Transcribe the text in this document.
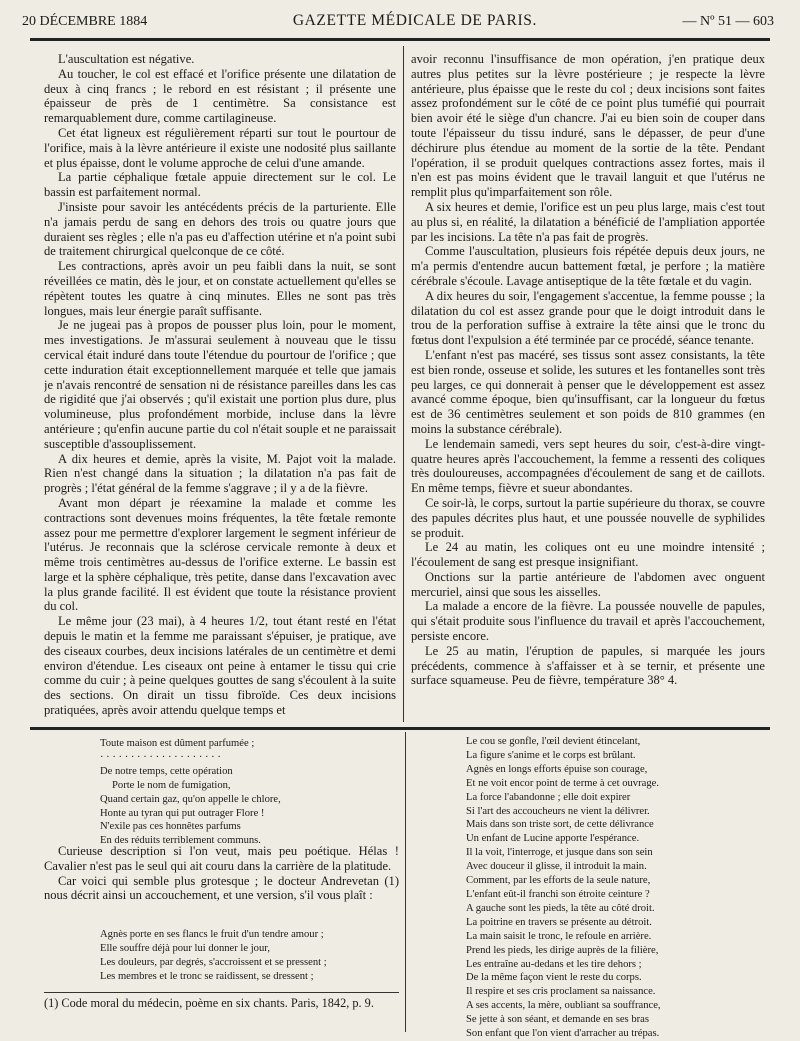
20 DÉCEMBRE 1884	GAZETTE MÉDICALE DE PARIS.	— Nº 51 — 603

L'auscultation est négative.

Au toucher, le col est effacé et l'orifice présente une dilatation de deux à cinq francs ; le rebord en est résistant ; il présente une épaisseur de près de 1 centimètre. Sa consistance est remarquablement dure, comme cartilagineuse.

Cet état ligneux est régulièrement réparti sur tout le pourtour de l'orifice, mais à la lèvre antérieure il existe une nodosité plus saillante et plus épaisse, dont le volume approche de celui d'une amande.

La partie céphalique fœtale appuie directement sur le col. Le bassin est parfaitement normal.

J'insiste pour savoir les antécédents précis de la parturiente. Elle n'a jamais perdu de sang en dehors des trois ou quatre jours que duraient ses règles ; elle n'a pas eu d'affection utérine et n'a point subi de traitement chirurgical quelconque de ce côté.

Les contractions, après avoir un peu faibli dans la nuit, se sont réveillées ce matin, dès le jour, et on constate actuellement qu'elles se répètent toutes les quatre à cinq minutes. Elles ne sont pas très longues, mais leur énergie paraît suffisante.

Je ne jugeai pas à propos de pousser plus loin, pour le moment, mes investigations. Je m'assurai seulement à nouveau que le tissu cervical était induré dans toute l'étendue du pourtour de l'orifice ; que cette induration était exceptionnellement marquée et telle que jamais je n'avais rencontré de sensation ni de résistance pareilles dans les cas de rigidité que j'ai observés ; qu'il existait une portion plus dure, plus volumineuse, plus profondément morbide, incluse dans la lèvre antérieure ; qu'enfin aucune partie du col n'était souple et ne paraissait susceptible d'assouplissement.

A dix heures et demie, après la visite, M. Pajot voit la malade. Rien n'est changé dans la situation ; la dilatation n'a pas fait de progrès ; l'état général de la femme s'aggrave ; il y a de la fièvre.

Avant mon départ je réexamine la malade et comme les contractions sont devenues moins fréquentes, la tête fœtale remonte assez pour me permettre d'explorer largement le segment inférieur de l'utérus. Je reconnais que la sclérose cervicale remonte à deux et même trois centimètres au-dessus de l'orifice externe. Le bassin est large et la sphère céphalique, très petite, danse dans l'excavation avec la plus grande facilité. Il est évident que toute la résistance provient du col.

Le même jour (23 mai), à 4 heures 1/2, tout étant resté en l'état depuis le matin et la femme me paraissant s'épuiser, je pratique, ave des ciseaux courbes, deux incisions latérales de un centimètre et demi environ d'étendue. Les ciseaux ont peine à entamer le tissu qui crie comme du cuir ; à peine quelques gouttes de sang s'écoulent à la suite des sections. On dirait un tissu fibroïde. Ces deux incisions pratiquées, après avoir attendu quelque temps et

avoir reconnu l'insuffisance de mon opération, j'en pratique deux autres plus petites sur la lèvre postérieure ; je respecte la lèvre antérieure, plus épaisse que le reste du col ; deux incisions sont faites assez profondément sur le côté de ce point plus tuméfié qui pourrait bien avoir été le siège d'un chancre. J'ai eu bien soin de couper dans toute l'épaisseur du tissu induré, sans le dépasser, de peur d'une déchirure plus étendue au moment de la sortie de la tête. Pendant l'opération, il se produit quelques contractions assez fortes, mais il n'en est pas moins évident que le travail languit et que l'utérus ne remplit plus qu'imparfaitement son rôle.

A six heures et demie, l'orifice est un peu plus large, mais c'est tout au plus si, en réalité, la dilatation a bénéficié de l'ampliation apportée par les incisions. La tête n'a pas fait de progrès.

Comme l'auscultation, plusieurs fois répétée depuis deux jours, ne m'a permis d'entendre aucun battement fœtal, je perfore ; la matière cérébrale s'écoule. Lavage antiseptique de la tête fœtale et du vagin.

A dix heures du soir, l'engagement s'accentue, la femme pousse ; la dilatation du col est assez grande pour que le doigt introduit dans le trou de la perforation suffise à extraire la tête ainsi que le tronc du fœtus dont l'expulsion a été terminée par ce procédé, séance tenante.

L'enfant n'est pas macéré, ses tissus sont assez consistants, la tête est bien ronde, osseuse et solide, les sutures et les fontanelles sont très peu larges, ce qui donnerait à penser que le développement est assez avancé comme époque, bien qu'insuffisant, car la longueur du fœtus est de 36 centimètres seulement et son poids de 810 grammes (en moins la substance cérébrale).

Le lendemain samedi, vers sept heures du soir, c'est-à-dire vingt-quatre heures après l'accouchement, la femme a ressenti des coliques très douloureuses, accompagnées d'écoulement de sang et de caillots. En même temps, fièvre et sueur abondantes.

Ce soir-là, le corps, surtout la partie supérieure du thorax, se couvre des papules décrites plus haut, et une poussée nouvelle de syphilides se produit.

Le 24 au matin, les coliques ont eu une moindre intensité ; l'écoulement de sang est presque insignifiant.

Onctions sur la partie antérieure de l'abdomen avec onguent mercuriel, ainsi que sous les aisselles.

La malade a encore de la fièvre. La poussée nouvelle de papules, qui s'était produite sous l'influence du travail et après l'accouchement, persiste encore.

Le 25 au matin, l'éruption de papules, si marquée les jours précédents, commence à s'affaisser et à se ternir, et présente une surface squameuse. Peu de fièvre, température 38° 4.

Toute maison est dûment parfumée ;
· · · · · · · · · · · · · · · · · · · ·
De notre temps, cette opération
Porte le nom de fumigation,
Quand certain gaz, qu'on appelle le chlore,
Honte au tyran qui put outrager Flore !
N'exile pas ces honnêtes parfums
En des réduits terriblement communs.

Curieuse description si l'on veut, mais peu poétique. Hélas ! Cavalier n'est pas le seul qui ait couru dans la carrière de la platitude.

Car voici qui semble plus grotesque ; le docteur Andrevetan (1) nous décrit ainsi un accouchement, et une version, s'il vous plaît :

Agnès porte en ses flancs le fruit d'un tendre amour ;
Elle souffre déjà pour lui donner le jour,
Les douleurs, par degrés, s'accroissent et se pressent ;
Les membres et le tronc se raidissent, se dressent ;
(1) Code moral du médecin, poème en six chants. Paris, 1842, p. 9.
Le cou se gonfle, l'œil devient étincelant,
La figure s'anime et le corps est brûlant.
Agnès en longs efforts épuise son courage,
Et ne voit encor point de terme à cet ouvrage.
La force l'abandonne ; elle doit expirer
Si l'art des accoucheurs ne vient la délivrer.
Mais dans son triste sort, de cette délivrance
Un enfant de Lucine apporte l'espérance.
Il la voit, l'interroge, et jusque dans son sein
Avec douceur il glisse, il introduit la main.
Comment, par les efforts de la seule nature,
L'enfant eût-il franchi son étroite ceinture ?
A gauche sont les pieds, la tête au côté droit.
La poitrine en travers se présente au détroit.
La main saisit le tronc, le refoule en arrière.
Prend les pieds, les dirige auprès de la filière,
Les entraîne au-dedans et les tire dehors ;
De la même façon vient le reste du corps.
Il respire et ses cris proclament sa naissance.
A ses accents, la mère, oubliant sa souffrance,
Se jette à son séant, et demande en ses bras
Son enfant que l'on vient d'arracher au trépas.
